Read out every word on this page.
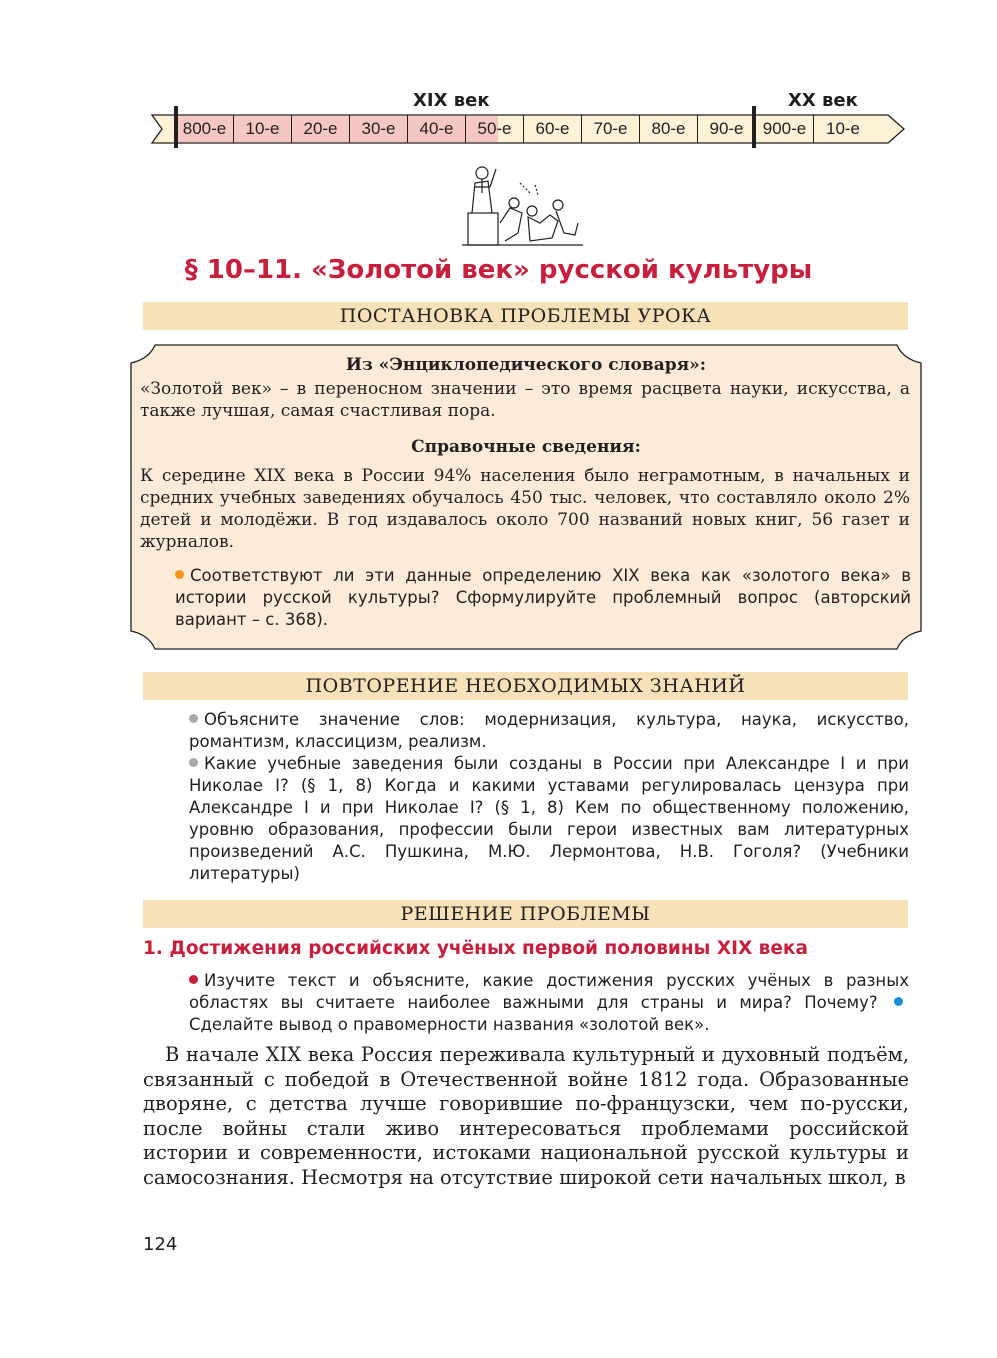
XIX век	XX век
800-е	10-е	20-е	30-е	40-е	50-е	60-е	70-е	80-е	90-е	900-е	10-е
§ 10–11. «Золотой век» русской культуры
ПОСТАНОВКА ПРОБЛЕМЫ УРОКА
Из «Энциклопедического словаря»:
«Золотой век» – в переносном значении – это время расцвета науки, искусства, а также лучшая, самая счастливая пора.
Справочные сведения:
К середине XIX века в России 94% населения было неграмотным, в начальных и средних учебных заведениях обучалось 450 тыс. человек, что составляло около 2% детей и молодёжи. В год издавалось около 700 названий новых книг, 56 газет и журналов.
Соответствуют ли эти данные определению XIX века как «золотого века» в истории русской культуры? Сформулируйте проблемный вопрос (авторский вариант – с. 368).
ПОВТОРЕНИЕ НЕОБХОДИМЫХ ЗНАНИЙ

Объясните значение слов: модернизация, культура, наука, искусство, романтизм, классицизм, реализм.

Какие учебные заведения были созданы в России при Александре I и при Николае I? (§ 1, 8) Когда и какими уставами регулировалась цензура при Александре I и при Николае I? (§ 1, 8) Кем по общественному положению, уровню образования, профессии были герои известных вам литературных произведений А.С. Пушкина, М.Ю. Лермонтова, Н.В. Гоголя? (Учебники литературы)

РЕШЕНИЕ ПРОБЛЕМЫ
1. Достижения российских учёных первой половины XIX века

Изучите текст и объясните, какие достижения русских учёных в разных областях вы считаете наиболее важными для страны и мира? Почему? Сделайте вывод о правомерности названия «золотой век».

В начале XIX века Россия переживала культурный и духовный подъём, связанный с победой в Отечественной войне 1812 года. Образованные дворяне, с детства лучше говорившие по-французски, чем по-русски, после войны стали живо интересоваться проблемами российской истории и современности, истоками национальной русской культуры и самосознания. Несмотря на отсутствие широкой сети начальных школ, в

124
